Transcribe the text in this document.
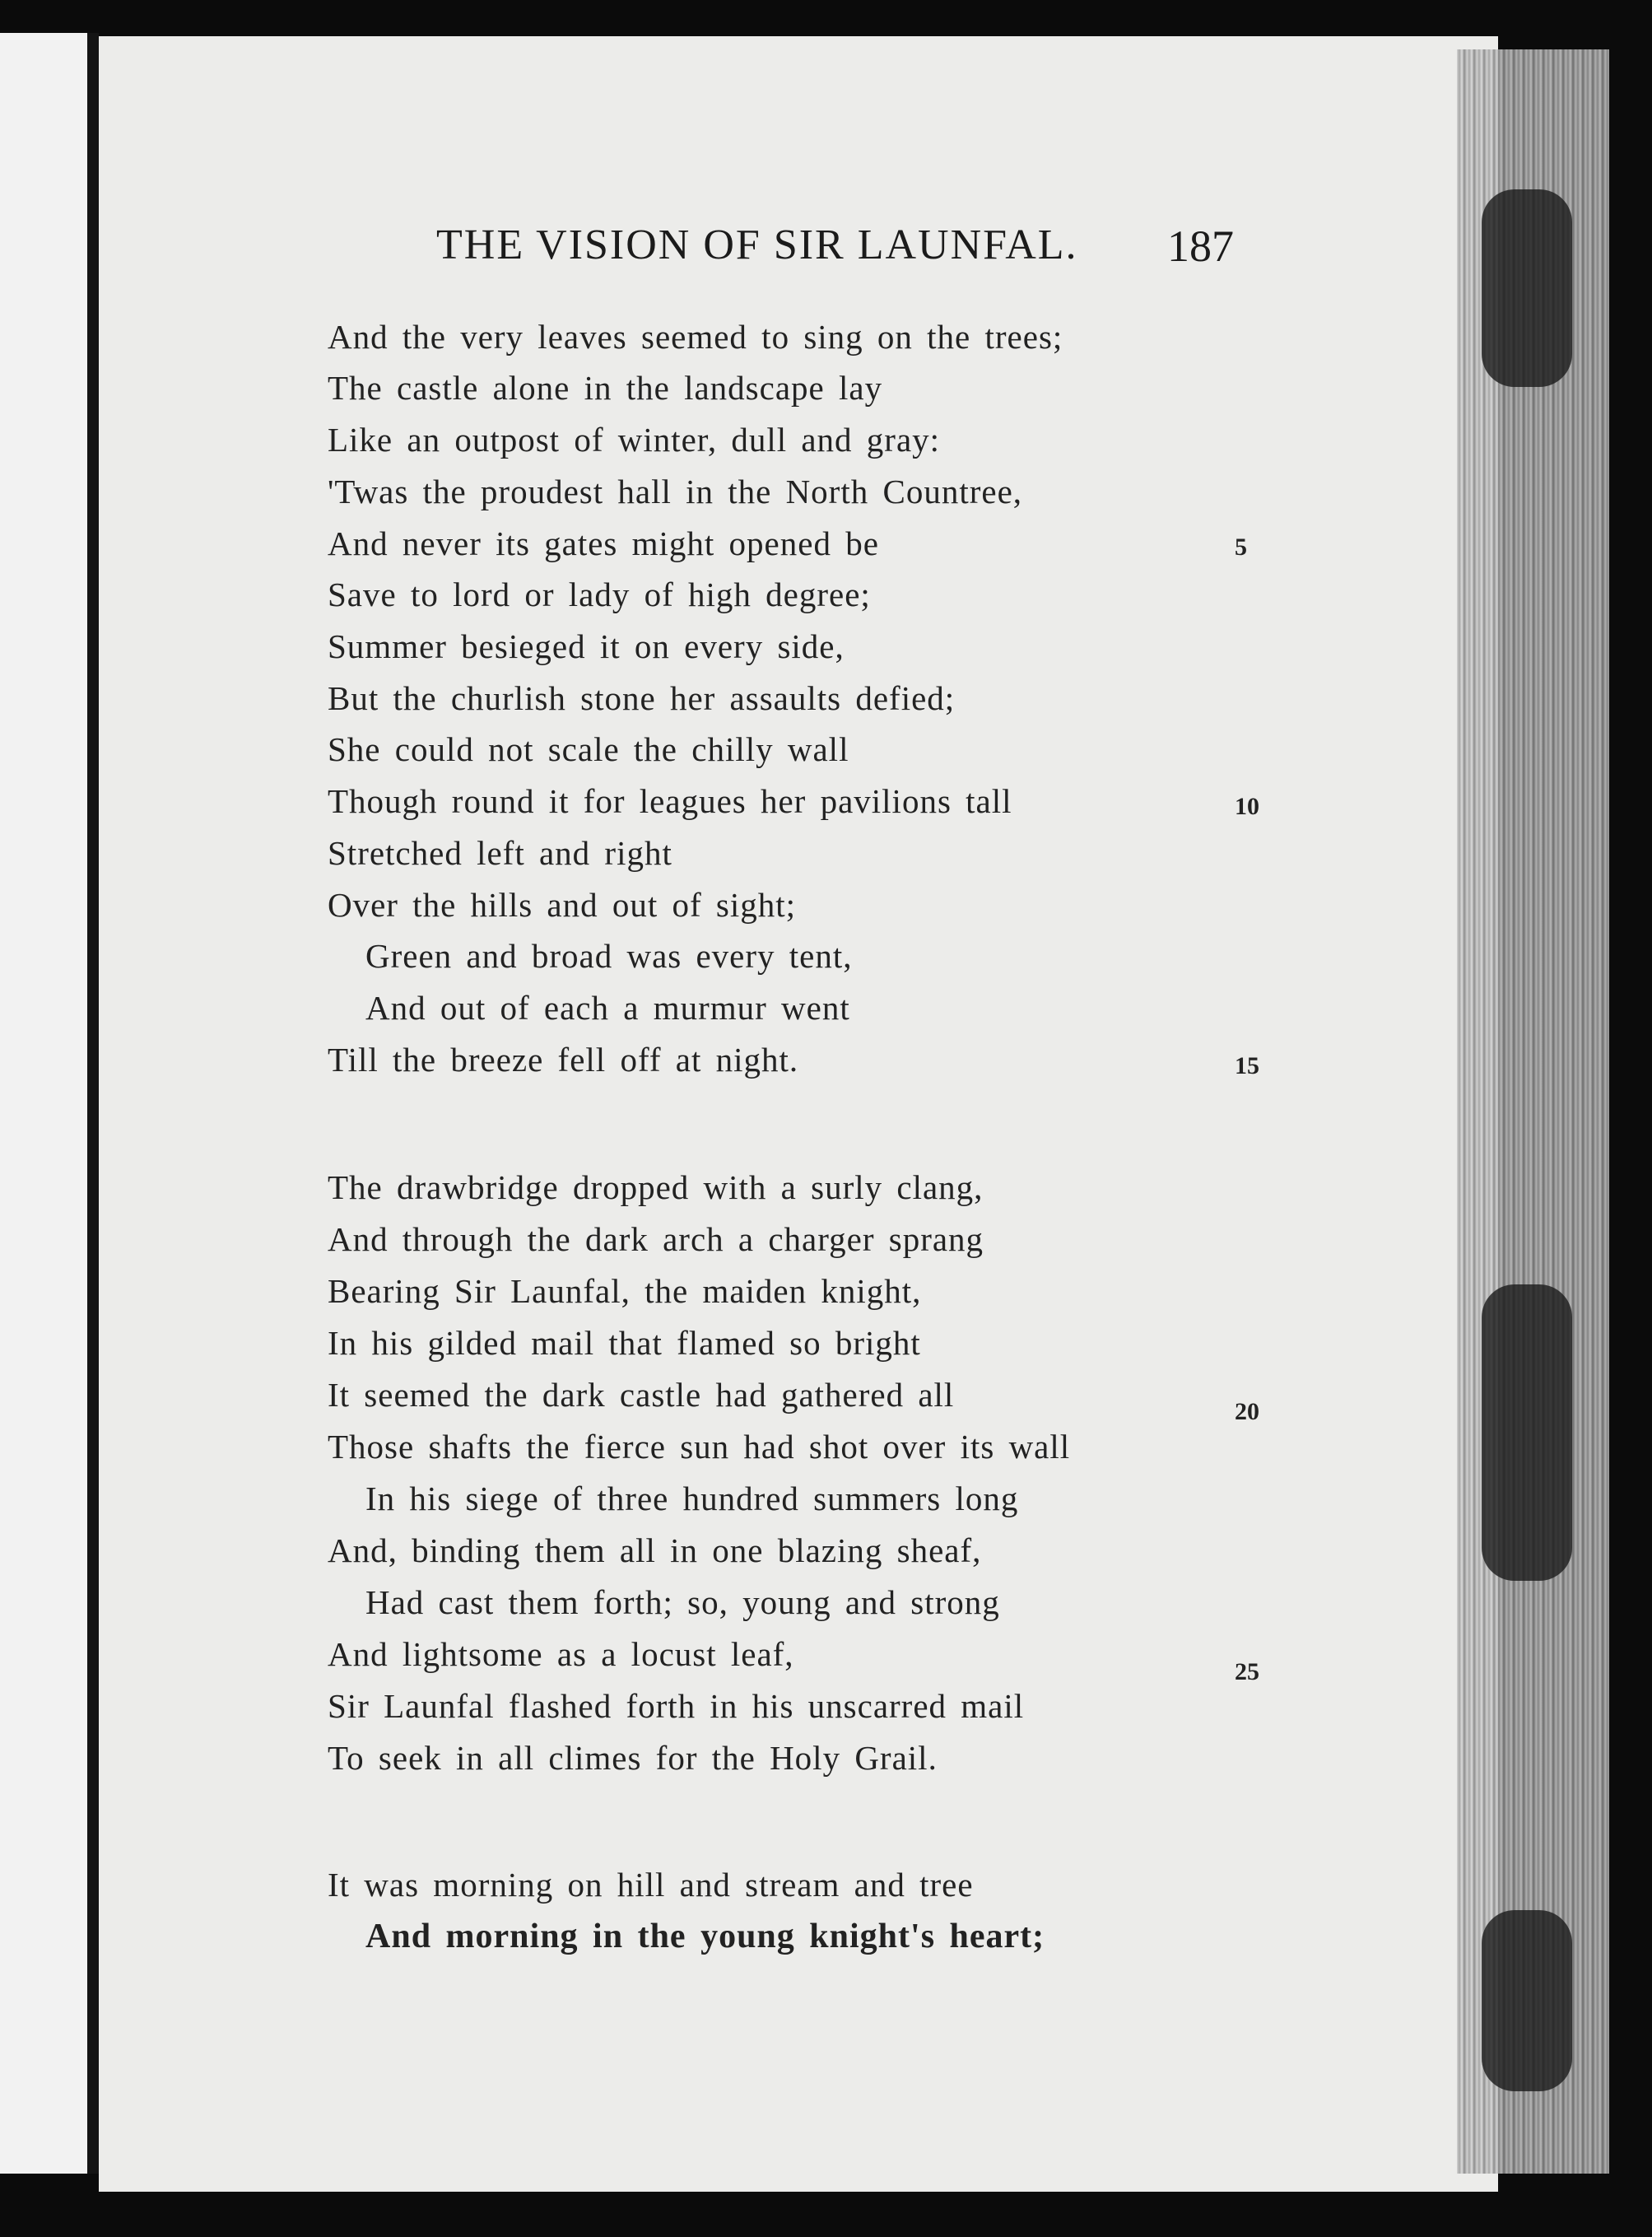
THE VISION OF SIR LAUNFAL. 187
And the very leaves seemed to sing on the trees;
The castle alone in the landscape lay
Like an outpost of winter, dull and gray:
'Twas the proudest hall in the North Countree,
And never its gates might opened be
Save to lord or lady of high degree;
Summer besieged it on every side,
But the churlish stone her assaults defied;
She could not scale the chilly wall
Though round it for leagues her pavilions tall
Stretched left and right
Over the hills and out of sight;
Green and broad was every tent,
And out of each a murmur went
Till the breeze fell off at night.
5
10
15
The drawbridge dropped with a surly clang,
And through the dark arch a charger sprang
Bearing Sir Launfal, the maiden knight,
In his gilded mail that flamed so bright
It seemed the dark castle had gathered all
Those shafts the fierce sun had shot over its wall
In his siege of three hundred summers long
And, binding them all in one blazing sheaf,
Had cast them forth; so, young and strong
And lightsome as a locust leaf,
Sir Launfal flashed forth in his unscarred mail
To seek in all climes for the Holy Grail.
20
25
It was morning on hill and stream and tree
And morning in the young knight's heart;
